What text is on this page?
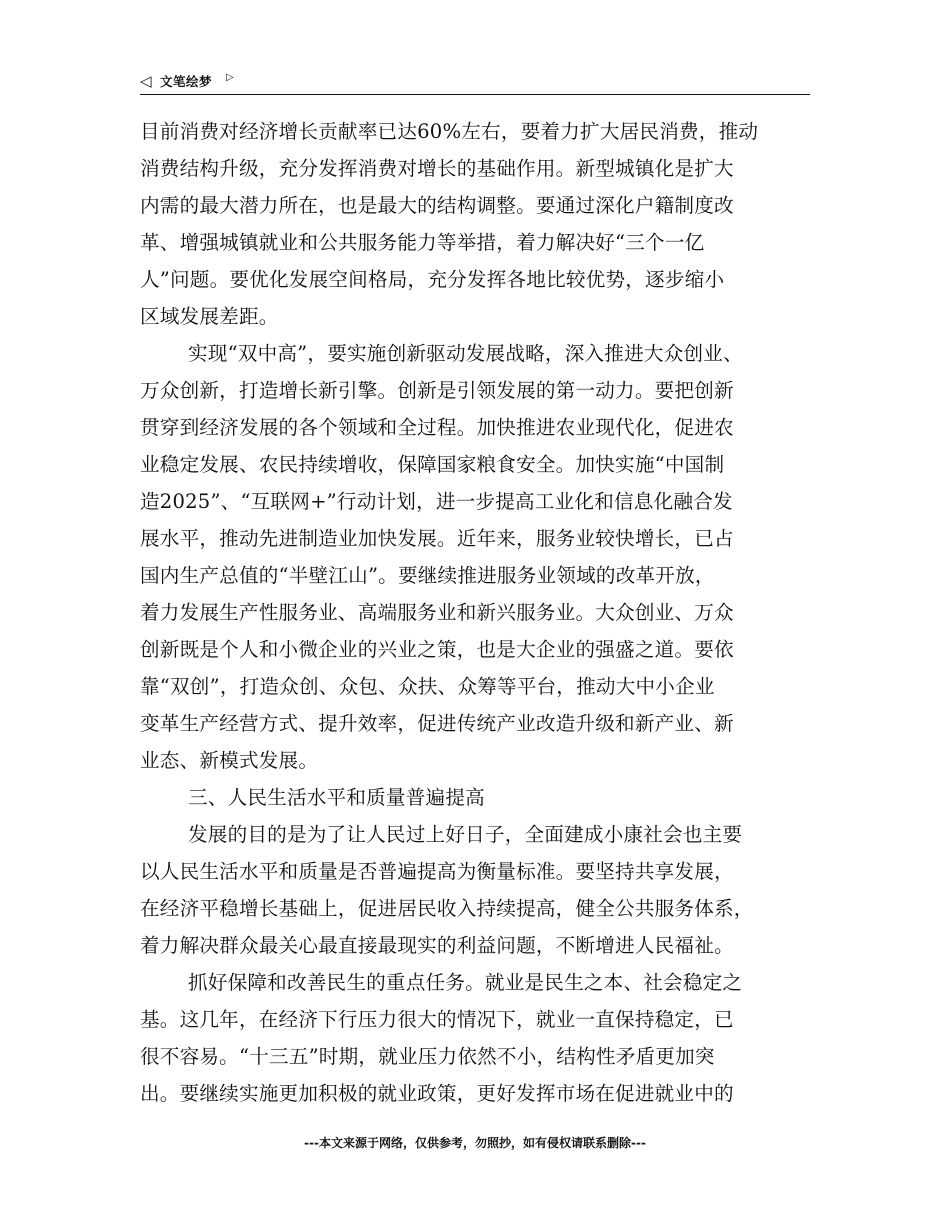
◁ 文笔绘梦 ▷
目前消费对经济增长贡献率已达60%左右，要着力扩大居民消费，推动
消费结构升级，充分发挥消费对增长的基础作用。新型城镇化是扩大
内需的最大潜力所在，也是最大的结构调整。要通过深化户籍制度改
革、增强城镇就业和公共服务能力等举措，着力解决好“三个一亿
人”问题。要优化发展空间格局，充分发挥各地比较优势，逐步缩小
区域发展差距。
实现“双中高”，要实施创新驱动发展战略，深入推进大众创业、
万众创新，打造增长新引擎。创新是引领发展的第一动力。要把创新
贯穿到经济发展的各个领域和全过程。加快推进农业现代化，促进农
业稳定发展、农民持续增收，保障国家粮食安全。加快实施“中国制
造2025”、“互联网+”行动计划，进一步提高工业化和信息化融合发
展水平，推动先进制造业加快发展。近年来，服务业较快增长，已占
国内生产总值的“半壁江山”。要继续推进服务业领域的改革开放，
着力发展生产性服务业、高端服务业和新兴服务业。大众创业、万众
创新既是个人和小微企业的兴业之策，也是大企业的强盛之道。要依
靠“双创”，打造众创、众包、众扶、众筹等平台，推动大中小企业
变革生产经营方式、提升效率，促进传统产业改造升级和新产业、新
业态、新模式发展。
三、人民生活水平和质量普遍提高
发展的目的是为了让人民过上好日子，全面建成小康社会也主要
以人民生活水平和质量是否普遍提高为衡量标准。要坚持共享发展，
在经济平稳增长基础上，促进居民收入持续提高，健全公共服务体系，
着力解决群众最关心最直接最现实的利益问题，不断增进人民福祉。
抓好保障和改善民生的重点任务。就业是民生之本、社会稳定之
基。这几年，在经济下行压力很大的情况下，就业一直保持稳定，已
很不容易。“十三五”时期，就业压力依然不小，结构性矛盾更加突
出。要继续实施更加积极的就业政策，更好发挥市场在促进就业中的
---本文来源于网络，仅供参考，勿照抄，如有侵权请联系删除---
